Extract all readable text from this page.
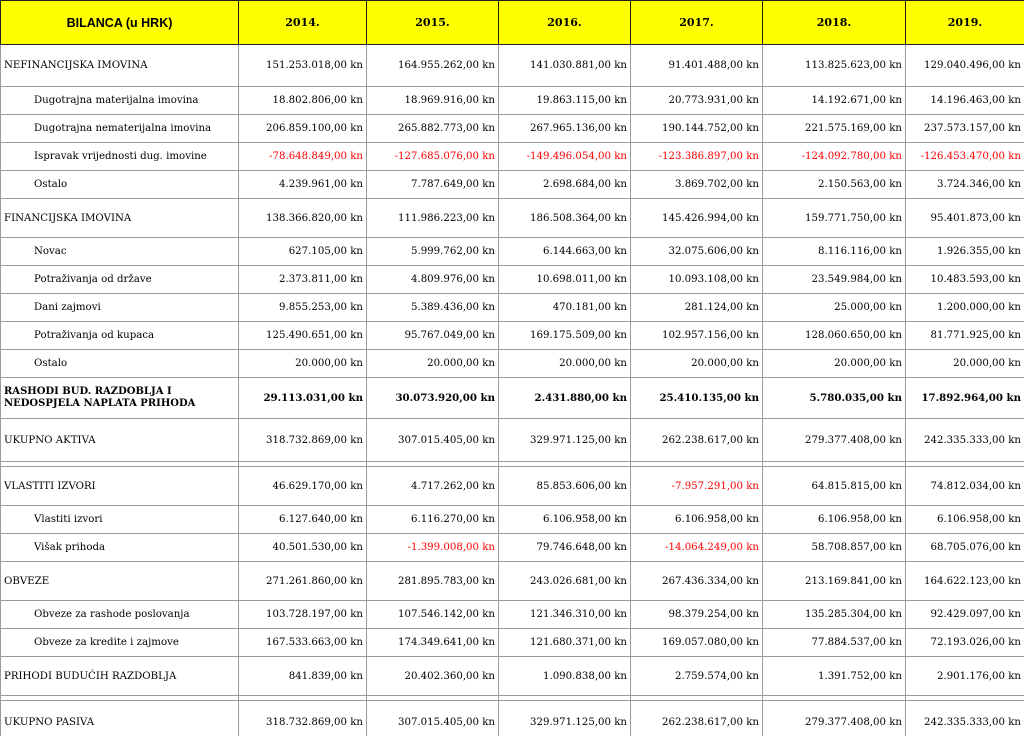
BILANCA (u HRK)	2014.	2015.	2016.	2017.	2018.	2019.
NEFINANCIJSKA IMOVINA	151.253.018,00 kn	164.955.262,00 kn	141.030.881,00 kn	91.401.488,00 kn	113.825.623,00 kn	129.040.496,00 kn
Dugotrajna materijalna imovina	18.802.806,00 kn	18.969.916,00 kn	19.863.115,00 kn	20.773.931,00 kn	14.192.671,00 kn	14.196.463,00 kn
Dugotrajna nematerijalna imovina	206.859.100,00 kn	265.882.773,00 kn	267.965.136,00 kn	190.144.752,00 kn	221.575.169,00 kn	237.573.157,00 kn
Ispravak vrijednosti dug. imovine	-78.648.849,00 kn	-127.685.076,00 kn	-149.496.054,00 kn	-123.386.897,00 kn	-124.092.780,00 kn	-126.453.470,00 kn
Ostalo	4.239.961,00 kn	7.787.649,00 kn	2.698.684,00 kn	3.869.702,00 kn	2.150.563,00 kn	3.724.346,00 kn
FINANCIJSKA IMOVINA	138.366.820,00 kn	111.986.223,00 kn	186.508.364,00 kn	145.426.994,00 kn	159.771.750,00 kn	95.401.873,00 kn
Novac	627.105,00 kn	5.999.762,00 kn	6.144.663,00 kn	32.075.606,00 kn	8.116.116,00 kn	1.926.355,00 kn
Potraživanja od države	2.373.811,00 kn	4.809.976,00 kn	10.698.011,00 kn	10.093.108,00 kn	23.549.984,00 kn	10.483.593,00 kn
Dani zajmovi	9.855.253,00 kn	5.389.436,00 kn	470.181,00 kn	281.124,00 kn	25.000,00 kn	1.200.000,00 kn
Potraživanja od kupaca	125.490.651,00 kn	95.767.049,00 kn	169.175.509,00 kn	102.957.156,00 kn	128.060.650,00 kn	81.771.925,00 kn
Ostalo	20.000,00 kn	20.000,00 kn	20.000,00 kn	20.000,00 kn	20.000,00 kn	20.000,00 kn
RASHODI BUD. RAZDOBLJA I NEDOSPJELA NAPLATA PRIHODA	29.113.031,00 kn	30.073.920,00 kn	2.431.880,00 kn	25.410.135,00 kn	5.780.035,00 kn	17.892.964,00 kn
UKUPNO AKTIVA	318.732.869,00 kn	307.015.405,00 kn	329.971.125,00 kn	262.238.617,00 kn	279.377.408,00 kn	242.335.333,00 kn

VLASTITI IZVORI	46.629.170,00 kn	4.717.262,00 kn	85.853.606,00 kn	-7.957.291,00 kn	64.815.815,00 kn	74.812.034,00 kn
Vlastiti izvori	6.127.640,00 kn	6.116.270,00 kn	6.106.958,00 kn	6.106.958,00 kn	6.106.958,00 kn	6.106.958,00 kn
Višak prihoda	40.501.530,00 kn	-1.399.008,00 kn	79.746.648,00 kn	-14.064.249,00 kn	58.708.857,00 kn	68.705.076,00 kn
OBVEZE	271.261.860,00 kn	281.895.783,00 kn	243.026.681,00 kn	267.436.334,00 kn	213.169.841,00 kn	164.622.123,00 kn
Obveze za rashode poslovanja	103.728.197,00 kn	107.546.142,00 kn	121.346.310,00 kn	98.379.254,00 kn	135.285.304,00 kn	92.429.097,00 kn
Obveze za kredite i zajmove	167.533.663,00 kn	174.349.641,00 kn	121.680.371,00 kn	169.057.080,00 kn	77.884.537,00 kn	72.193.026,00 kn
PRIHODI BUDUĆIH RAZDOBLJA	841.839,00 kn	20.402.360,00 kn	1.090.838,00 kn	2.759.574,00 kn	1.391.752,00 kn	2.901.176,00 kn

UKUPNO PASIVA	318.732.869,00 kn	307.015.405,00 kn	329.971.125,00 kn	262.238.617,00 kn	279.377.408,00 kn	242.335.333,00 kn
